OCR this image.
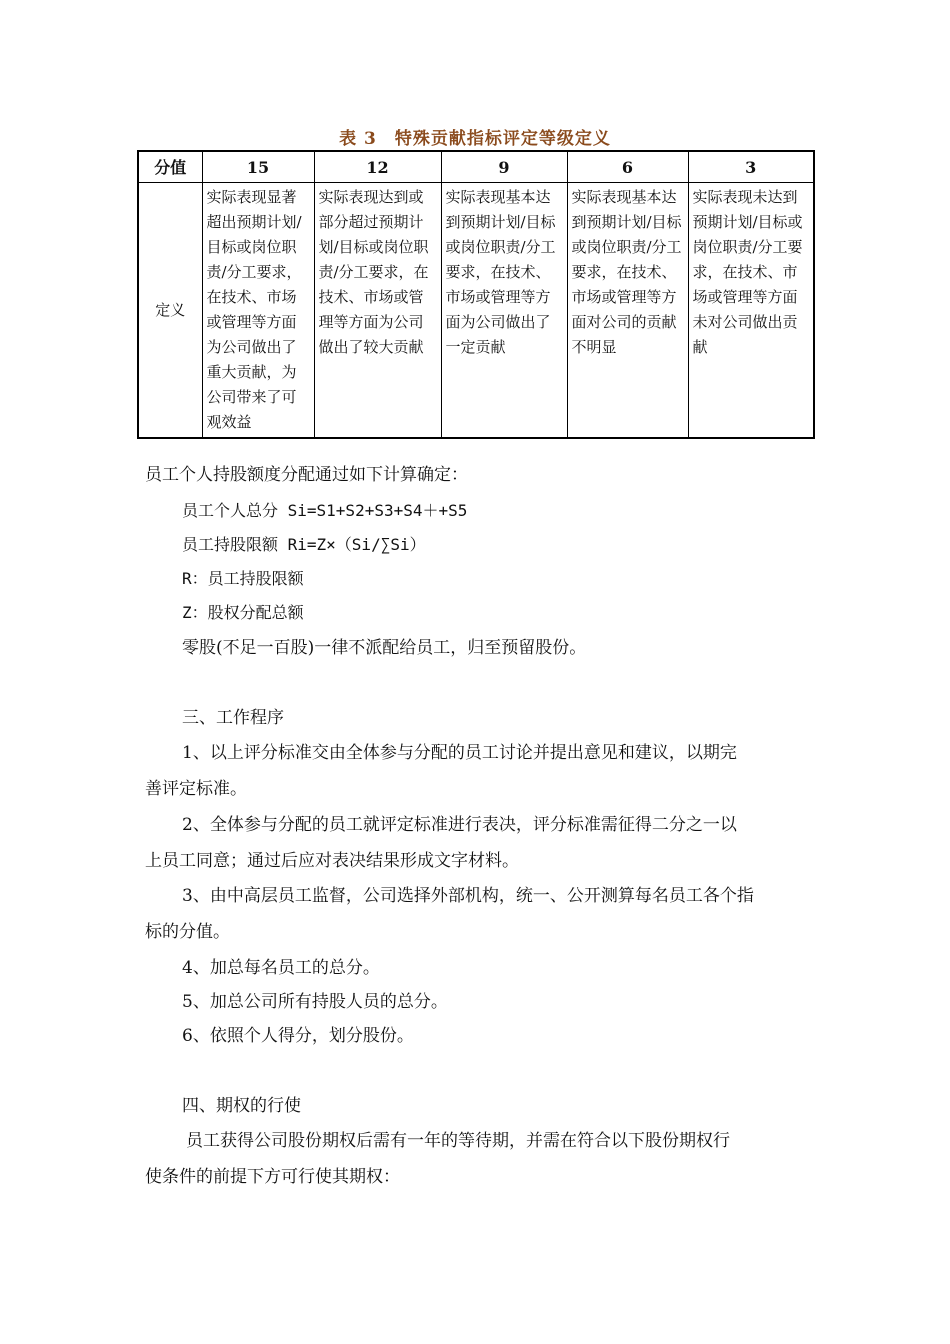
表 3　特殊贡献指标评定等级定义
分值	15	12	9	6	3
定义	实际表现显著超出预期计划/目标或岗位职责/分工要求，在技术、市场或管理等方面为公司做出了重大贡献，为公司带来了可观效益	实际表现达到或部分超过预期计划/目标或岗位职责/分工要求，在技术、市场或管理等方面为公司做出了较大贡献	实际表现基本达到预期计划/目标或岗位职责/分工要求，在技术、市场或管理等方面为公司做出了一定贡献	实际表现基本达到预期计划/目标或岗位职责/分工要求，在技术、市场或管理等方面对公司的贡献不明显	实际表现未达到预期计划/目标或岗位职责/分工要求，在技术、市场或管理等方面未对公司做出贡献
员工个人持股额度分配通过如下计算确定：
员工个人总分 Si=S1+S2+S3+S4＋+S5
员工持股限额 Ri=Z×（Si/∑Si）
R：员工持股限额
Z：股权分配总额
零股(不足一百股)一律不派配给员工，归至预留股份。
三、工作程序
1、以上评分标准交由全体参与分配的员工讨论并提出意见和建议，以期完
善评定标准。
2、全体参与分配的员工就评定标准进行表决，评分标准需征得二分之一以
上员工同意；通过后应对表决结果形成文字材料。
3、由中高层员工监督，公司选择外部机构，统一、公开测算每名员工各个指
标的分值。
4、加总每名员工的总分。
5、加总公司所有持股人员的总分。
6、依照个人得分，划分股份。
四、期权的行使
员工获得公司股份期权后需有一年的等待期，并需在符合以下股份期权行
使条件的前提下方可行使其期权：
